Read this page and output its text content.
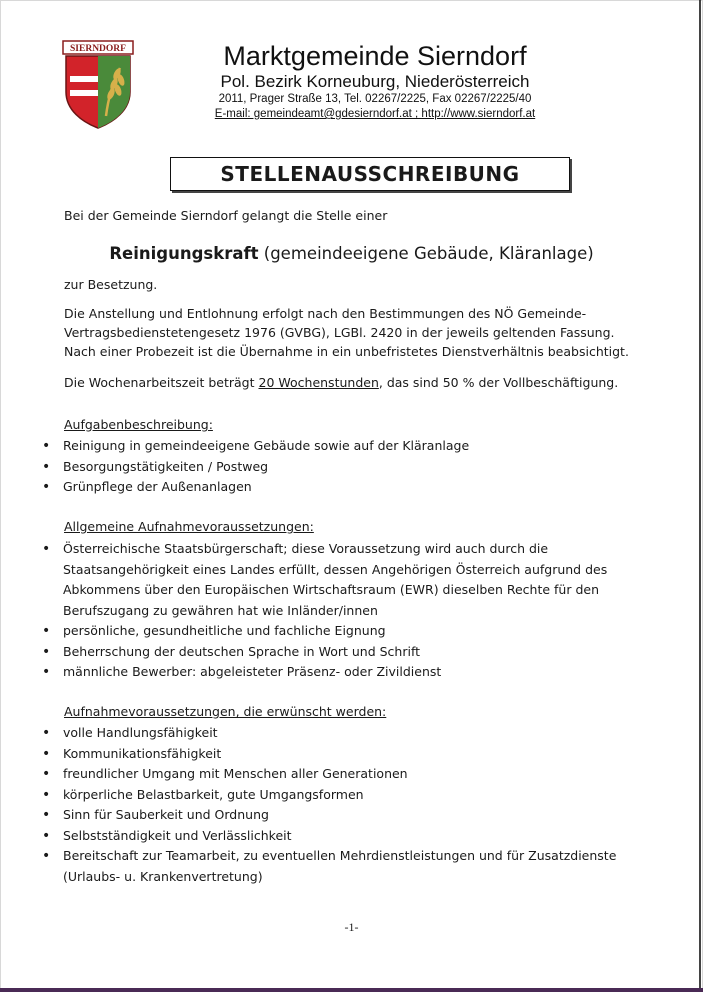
SIERNDORF	Marktgemeinde Sierndorf
Pol. Bezirk Korneuburg, Niederösterreich
2011, Prager Straße 13, Tel. 02267/2225, Fax 02267/2225/40
E-mail: gemeindeamt@gdesierndorf.at ; http://www.sierndorf.at
STELLENAUSSCHREIBUNG
Bei der Gemeinde Sierndorf gelangt die Stelle einer
Reinigungskraft (gemeindeeigene Gebäude, Kläranlage)
zur Besetzung.
Die Anstellung und Entlohnung erfolgt nach den Bestimmungen des NÖ Gemeinde-
Vertragsbedienstetengesetz 1976 (GVBG), LGBl. 2420 in der jeweils geltenden Fassung.
Nach einer Probezeit ist die Übernahme in ein unbefristetes Dienstverhältnis beabsichtigt.
Die Wochenarbeitszeit beträgt 20 Wochenstunden, das sind 50 % der Vollbeschäftigung.
Aufgabenbeschreibung:
• Reinigung in gemeindeeigene Gebäude sowie auf der Kläranlage
• Besorgungstätigkeiten / Postweg
• Grünpflege der Außenanlagen
Allgemeine Aufnahmevoraussetzungen:
• Österreichische Staatsbürgerschaft; diese Voraussetzung wird auch durch die Staatsangehörigkeit eines Landes erfüllt, dessen Angehörigen Österreich aufgrund des Abkommens über den Europäischen Wirtschaftsraum (EWR) dieselben Rechte für den Berufszugang zu gewähren hat wie Inländer/innen
• persönliche, gesundheitliche und fachliche Eignung
• Beherrschung der deutschen Sprache in Wort und Schrift
• männliche Bewerber: abgeleisteter Präsenz- oder Zivildienst
Aufnahmevoraussetzungen, die erwünscht werden:
• volle Handlungsfähigkeit
• Kommunikationsfähigkeit
• freundlicher Umgang mit Menschen aller Generationen
• körperliche Belastbarkeit, gute Umgangsformen
• Sinn für Sauberkeit und Ordnung
• Selbstständigkeit und Verlässlichkeit
• Bereitschaft zur Teamarbeit, zu eventuellen Mehrdienstleistungen und für Zusatzdienste (Urlaubs- u. Krankenvertretung)
-1-
